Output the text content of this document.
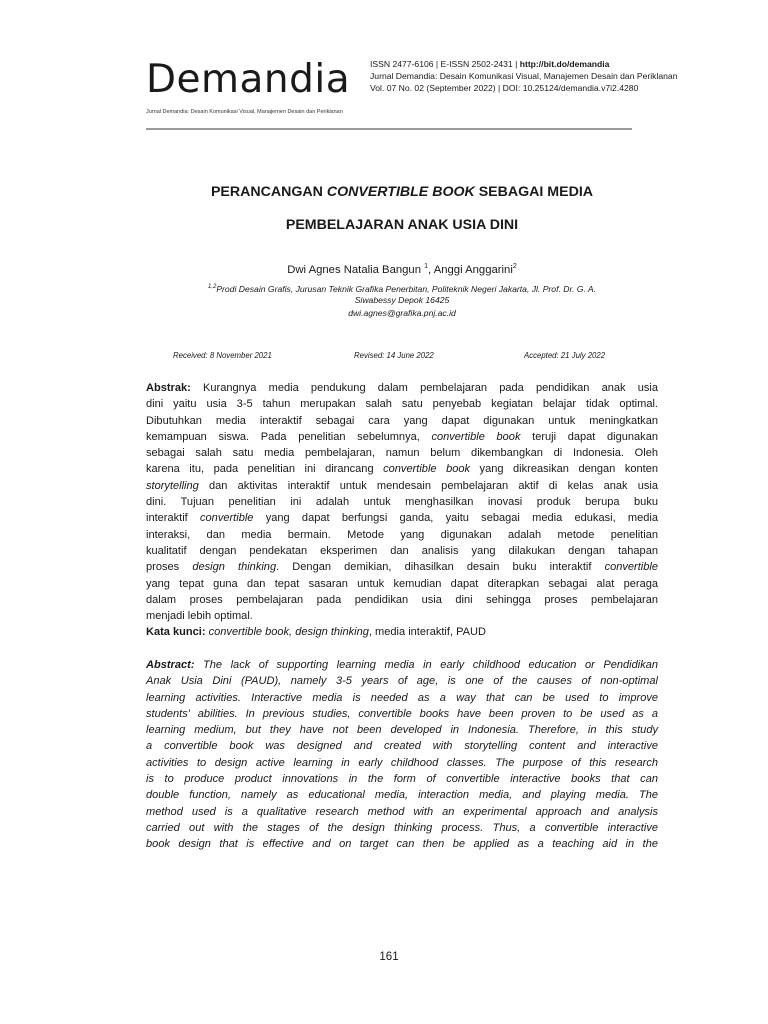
Demandia
Jurnal Demandia: Desain Komunikasi Visual, Manajemen Desain dan Periklanan
ISSN 2477-6106 | E-ISSN 2502-2431 | http://bit.do/demandia
Jurnal Demandia: Desain Komunikasi Visual, Manajemen Desain dan Periklanan
Vol. 07 No. 02 (September 2022) | DOI: 10.25124/demandia.v7i2.4280
PERANCANGAN CONVERTIBLE BOOK SEBAGAI MEDIA
PEMBELAJARAN ANAK USIA DINI
Dwi Agnes Natalia Bangun $^1$, Anggi Anggarini$^2$
$^{1,2}$Prodi Desain Grafis, Jurusan Teknik Grafika Penerbitan, Politeknik Negeri Jakarta, Jl. Prof. Dr. G. A.
Siwabessy Depok 16425
dwi.agnes@grafika.pnj.ac.id
Received: 8 November 2021	Revised: 14 June 2022	Accepted: 21 July 2022
Abstrak: Kurangnya media pendukung dalam pembelajaran pada pendidikan anak usia
dini yaitu usia 3-5 tahun merupakan salah satu penyebab kegiatan belajar tidak optimal.
Dibutuhkan media interaktif sebagai cara yang dapat digunakan untuk meningkatkan
kemampuan siswa. Pada penelitian sebelumnya, convertible book teruji dapat digunakan
sebagai salah satu media pembelajaran, namun belum dikembangkan di Indonesia. Oleh
karena itu, pada penelitian ini dirancang convertible book yang dikreasikan dengan konten
storytelling dan aktivitas interaktif untuk mendesain pembelajaran aktif di kelas anak usia
dini. Tujuan penelitian ini adalah untuk menghasilkan inovasi produk berupa buku
interaktif convertible yang dapat berfungsi ganda, yaitu sebagai media edukasi, media
interaksi, dan media bermain. Metode yang digunakan adalah metode penelitian
kualitatif dengan pendekatan eksperimen dan analisis yang dilakukan dengan tahapan
proses design thinking. Dengan demikian, dihasilkan desain buku interaktif convertible
yang tepat guna dan tepat sasaran untuk kemudian dapat diterapkan sebagai alat peraga
dalam proses pembelajaran pada pendidikan usia dini sehingga proses pembelajaran
menjadi lebih optimal.
Kata kunci: convertible book, design thinking, media interaktif, PAUD
Abstract: The lack of supporting learning media in early childhood education or Pendidikan
Anak Usia Dini (PAUD), namely 3-5 years of age, is one of the causes of non-optimal
learning activities. Interactive media is needed as a way that can be used to improve
students' abilities. In previous studies, convertible books have been proven to be used as a
learning medium, but they have not been developed in Indonesia. Therefore, in this study
a convertible book was designed and created with storytelling content and interactive
activities to design active learning in early childhood classes. The purpose of this research
is to produce product innovations in the form of convertible interactive books that can
double function, namely as educational media, interaction media, and playing media. The
method used is a qualitative research method with an experimental approach and analysis
carried out with the stages of the design thinking process. Thus, a convertible interactive
book design that is effective and on target can then be applied as a teaching aid in the
161
